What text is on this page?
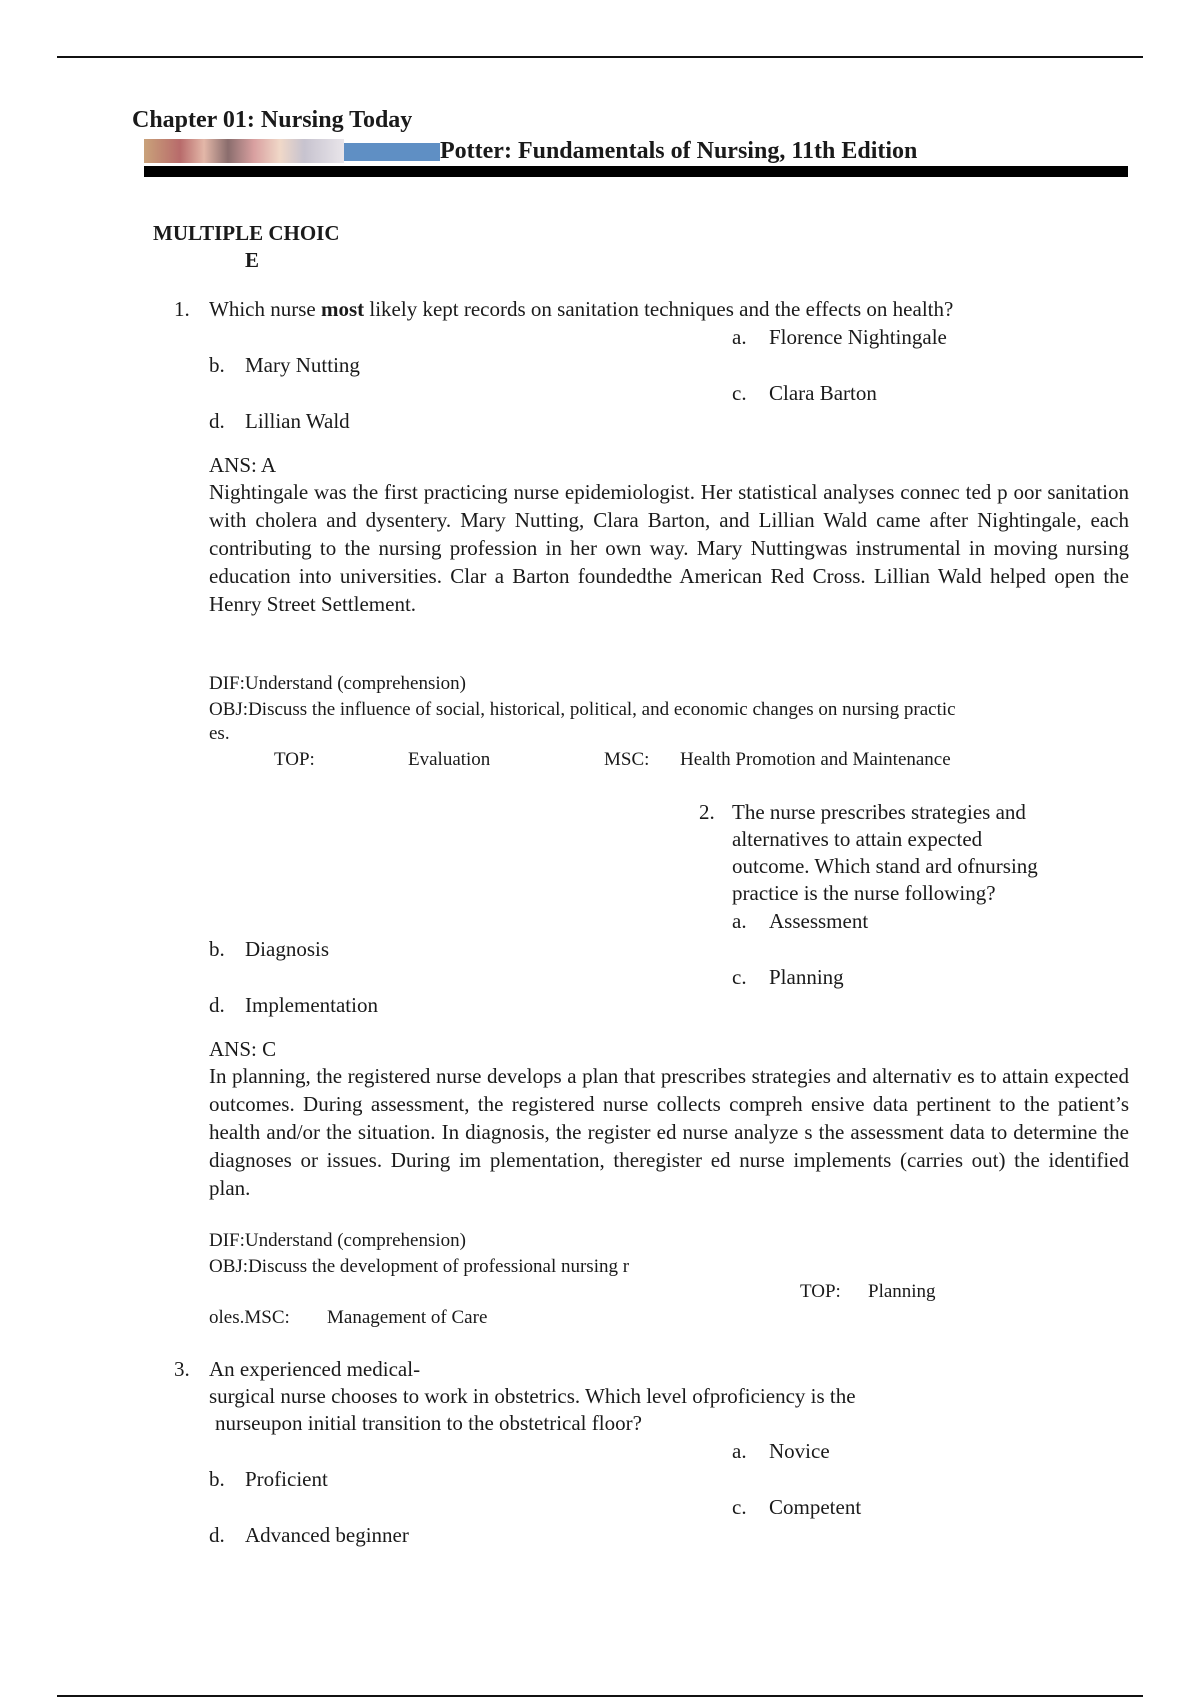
Chapter 01: Nursing Today
Potter: Fundamentals of Nursing, 11th Edition
MULTIPLE CHOIC
E
1. Which nurse most likely kept records on sanitation techniques and the effects on health?
a. Florence Nightingale
b. Mary Nutting
c. Clara Barton
d. Lillian Wald
ANS: A
Nightingale was the first practicing nurse epidemiologist. Her statistical analyses connec ted p oor sanitation with cholera and dysentery. Mary Nutting, Clara Barton, and Lillian Wald came after Nightingale, each contributing to the nursing profession in her own way. Mary Nuttingwas instrumental in moving nursing education into universities. Clar a Barton foundedthe American Red Cross. Lillian Wald helped open the Henry Street Settlement.
DIF:Understand (comprehension)
OBJ:Discuss the influence of social, historical, political, and economic changes on nursing practic
es.
TOP:	Evaluation	MSC: Health Promotion and Maintenance
2. The nurse prescribes strategies and
alternatives to attain expected
outcome. Which stand ard ofnursing
practice is the nurse following?
a. Assessment
b. Diagnosis
c. Planning
d. Implementation
ANS: C
In planning, the registered nurse develops a plan that prescribes strategies and alternativ es to attain expected outcomes. During assessment, the registered nurse collects compreh ensive data pertinent to the patient’s health and/or the situation. In diagnosis, the register ed nurse analyze s the assessment data to determine the diagnoses or issues. During im plementation, theregister ed nurse implements (carries out) the identified plan.
DIF:Understand (comprehension)
OBJ:Discuss the development of professional nursing r
TOP: Planning
oles.MSC: Management of Care
3. An experienced medical-
surgical nurse chooses to work in obstetrics. Which level ofproficiency is the
nurseupon initial transition to the obstetrical floor?
a. Novice
b. Proficient
c. Competent
d. Advanced beginner
